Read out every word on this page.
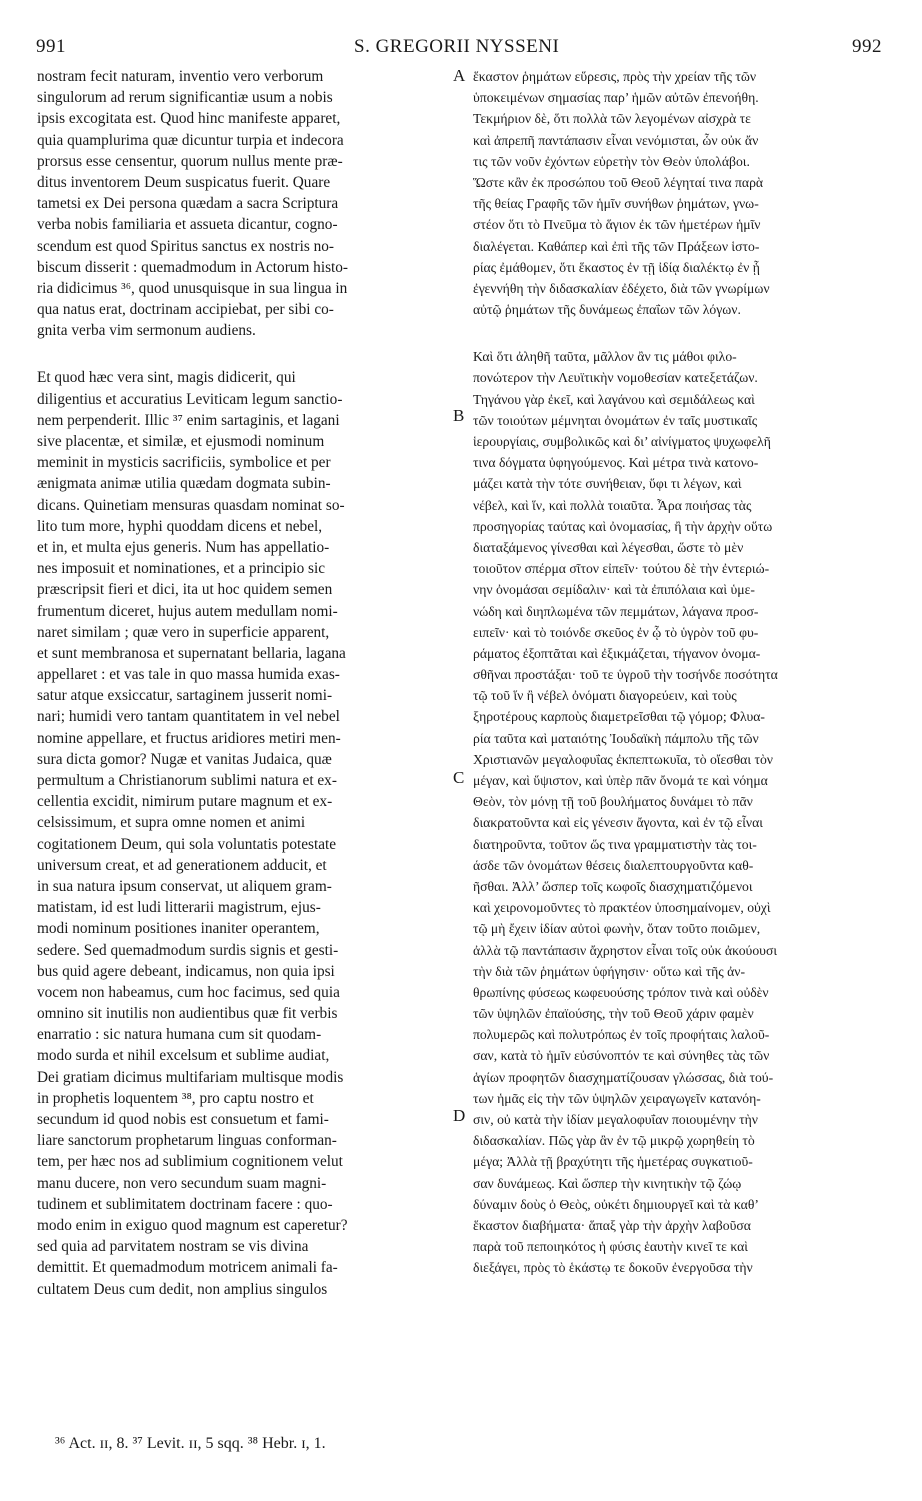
991	S. GREGORII NYSSENI	992
nostram fecit naturam, inventio vero verborum
singulorum ad rerum significantiæ usum a nobis
ipsis excogitata est. Quod hinc manifeste apparet,
quia quamplurima quæ dicuntur turpia et indecora
prorsus esse censentur, quorum nullus mente præ-
ditus inventorem Deum suspicatus fuerit. Quare
tametsi ex Dei persona quædam a sacra Scriptura
verba nobis familiaria et assueta dicantur, cogno-
scendum est quod Spiritus sanctus ex nostris no-
biscum disserit : quemadmodum in Actorum histo-
ria didicimus ³⁶, quod unusquisque in sua lingua in
qua natus erat, doctrinam accipiebat, per sibi co-
gnita verba vim sermonum audiens.
Et quod hæc vera sint, magis didicerit, qui
diligentius et accuratius Leviticam legum sanctio-
nem perpenderit. Illic ³⁷ enim sartaginis, et lagani
sive placentæ, et similæ, et ejusmodi nominum
meminit in mysticis sacrificiis, symbolice et per
ænigmata animæ utilia quædam dogmata subin-
dicans. Quinetiam mensuras quasdam nominat so-
lito tum more, hyphi quoddam dicens et nebel,
et in, et multa ejus generis. Num has appellatio-
nes imposuit et nominationes, et a principio sic
præscripsit fieri et dici, ita ut hoc quidem semen
frumentum diceret, hujus autem medullam nomi-
naret similam ; quæ vero in superficie apparent,
et sunt membranosa et supernatant bellaria, lagana
appellaret : et vas tale in quo massa humida exas-
satur atque exsiccatur, sartaginem jusserit nomi-
nari; humidi vero tantam quantitatem in vel nebel
nomine appellare, et fructus aridiores metiri men-
sura dicta gomor? Nugæ et vanitas Judaica, quæ
permultum a Christianorum sublimi natura et ex-
cellentia excidit, nimirum putare magnum et ex-
celsissimum, et supra omne nomen et animi
cogitationem Deum, qui sola voluntatis potestate
universum creat, et ad generationem adducit, et
in sua natura ipsum conservat, ut aliquem gram-
matistam, id est ludi litterarii magistrum, ejus-
modi nominum positiones inaniter operantem,
sedere. Sed quemadmodum surdis signis et gesti-
bus quid agere debeant, indicamus, non quia ipsi
vocem non habeamus, cum hoc facimus, sed quia
omnino sit inutilis non audientibus quæ fit verbis
enarratio : sic natura humana cum sit quodam-
modo surda et nihil excelsum et sublime audiat,
Dei gratiam dicimus multifariam multisque modis
in prophetis loquentem ³⁸, pro captu nostro et
secundum id quod nobis est consuetum et fami-
liare sanctorum prophetarum linguas conforman-
tem, per hæc nos ad sublimium cognitionem velut
manu ducere, non vero secundum suam magni-
tudinem et sublimitatem doctrinam facere : quo-
modo enim in exiguo quod magnum est caperetur?
sed quia ad parvitatem nostram se vis divina
demittit. Et quemadmodum motricem animali fa-
cultatem Deus cum dedit, non amplius singulos
ἕκαστον ῥημάτων εὕρεσις, πρὸς τὴν χρείαν τῆς τῶν
ὑποκειμένων σημασίας παρ’ ἡμῶν αὐτῶν ἐπενοήθη.
Τεκμήριον δὲ, ὅτι πολλὰ τῶν λεγομένων αἰσχρὰ τε
καὶ ἀπρεπῆ παντάπασιν εἶναι νενόμισται, ὧν οὐκ ἄν
τις τῶν νοῦν ἐχόντων εὑρετὴν τὸν Θεὸν ὑπολάβοι.
Ὥστε κἂν ἐκ προσώπου τοῦ Θεοῦ λέγηταί τινα παρὰ
τῆς θείας Γραφῆς τῶν ἡμῖν συνήθων ῥημάτων, γνω-
στέον ὅτι τὸ Πνεῦμα τὸ ἅγιον ἐκ τῶν ἡμετέρων ἡμῖν
διαλέγεται. Καθάπερ καὶ ἐπὶ τῆς τῶν Πράξεων ἱστο-
ρίας ἐμάθομεν, ὅτι ἕκαστος ἐν τῇ ἰδίᾳ διαλέκτῳ ἐν ᾗ
ἐγεννήθη τὴν διδασκαλίαν ἐδέχετο, διὰ τῶν γνωρίμων
αὐτῷ ῥημάτων τῆς δυνάμεως ἐπαΐων τῶν λόγων.
Καὶ ὅτι ἀληθῆ ταῦτα, μᾶλλον ἂν τις μάθοι φιλο-
πονώτερον τὴν Λευϊτικὴν νομοθεσίαν κατεξετάζων.
Τηγάνου γὰρ ἐκεῖ, καὶ λαγάνου καὶ σεμιδάλεως καὶ
τῶν τοιούτων μέμνηται ὀνομάτων ἐν ταῖς μυστικαῖς
ἱερουργίαις, συμβολικῶς καὶ δι’ αἰνίγματος ψυχωφελῆ
τινα δόγματα ὑφηγούμενος. Καὶ μέτρα τινὰ κατονο-
μάζει κατὰ τὴν τότε συνήθειαν, ὕφι τι λέγων, καὶ
νέβελ, καὶ ἵν, καὶ πολλὰ τοιαῦτα. Ἆρα ποιήσας τὰς
προσηγορίας ταύτας καὶ ὀνομασίας, ἢ τὴν ἀρχὴν οὕτω
διαταξάμενος γίνεσθαι καὶ λέγεσθαι, ὥστε τὸ μὲν
τοιοῦτον σπέρμα σῖτον εἰπεῖν· τούτου δὲ τὴν ἐντεριώ-
νην ὀνομάσαι σεμίδαλιν· καὶ τὰ ἐπιπόλαια καὶ ὑμε-
νώδη καὶ διηπλωμένα τῶν πεμμάτων, λάγανα προσ-
ειπεῖν· καὶ τὸ τοιόνδε σκεῦος ἐν ᾧ τὸ ὑγρὸν τοῦ φυ-
ράματος ἐξοπτᾶται καὶ ἐξικμάζεται, τήγανον ὀνομα-
σθῆναι προστάξαι· τοῦ τε ὑγροῦ τὴν τοσήνδε ποσότητα
τῷ τοῦ ἵν ἢ νέβελ ὀνόματι διαγορεύειν, καὶ τοὺς
ξηροτέρους καρποὺς διαμετρεῖσθαι τῷ γόμορ; Φλυα-
ρία ταῦτα καὶ ματαιότης Ἰουδαϊκὴ πάμπολυ τῆς τῶν
Χριστιανῶν μεγαλοφυΐας ἐκπεπτωκυῖα, τὸ οἴεσθαι τὸν
μέγαν, καὶ ὕψιστον, καὶ ὑπὲρ πᾶν ὄνομά τε καὶ νόημα
Θεὸν, τὸν μόνῃ τῇ τοῦ βουλήματος δυνάμει τὸ πᾶν
διακρατοῦντα καὶ εἰς γένεσιν ἄγοντα, καὶ ἐν τῷ εἶναι
διατηροῦντα, τοῦτον ὥς τινα γραμματιστὴν τὰς τοι-
άσδε τῶν ὀνομάτων θέσεις διαλεπτουργοῦντα καθ-
ῆσθαι. Ἀλλ’ ὥσπερ τοῖς κωφοῖς διασχηματιζόμενοι
καὶ χειρονομοῦντες τὸ πρακτέον ὑποσημαίνομεν, οὐχὶ
τῷ μὴ ἔχειν ἰδίαν αὐτοὶ φωνὴν, ὅταν τοῦτο ποιῶμεν,
ἀλλὰ τῷ παντάπασιν ἄχρηστον εἶναι τοῖς οὐκ ἀκούουσι
τὴν διὰ τῶν ῥημάτων ὑφήγησιν· οὕτω καὶ τῆς ἀν-
θρωπίνης φύσεως κωφευούσης τρόπον τινὰ καὶ οὐδὲν
τῶν ὑψηλῶν ἐπαϊούσης, τὴν τοῦ Θεοῦ χάριν φαμὲν
πολυμερῶς καὶ πολυτρόπως ἐν τοῖς προφήταις λαλοῦ-
σαν, κατὰ τὸ ἡμῖν εὐσύνοπτόν τε καὶ σύνηθες τὰς τῶν
ἁγίων προφητῶν διασχηματίζουσαν γλώσσας, διὰ τού-
των ἡμᾶς εἰς τὴν τῶν ὑψηλῶν χειραγωγεῖν κατανόη-
σιν, οὐ κατὰ τὴν ἰδίαν μεγαλοφυΐαν ποιουμένην τὴν
διδασκαλίαν. Πῶς γὰρ ἂν ἐν τῷ μικρῷ χωρηθείη τὸ
μέγα; Ἀλλὰ τῇ βραχύτητι τῆς ἡμετέρας συγκατιοῦ-
σαν δυνάμεως. Καὶ ὥσπερ τὴν κινητικὴν τῷ ζώῳ
δύναμιν δοὺς ὁ Θεὸς, οὐκέτι δημιουργεῖ καὶ τὰ καθ’
ἕκαστον διαβήματα· ἅπαξ γὰρ τὴν ἀρχὴν λαβοῦσα
παρὰ τοῦ πεποιηκότος ἡ φύσις ἑαυτὴν κινεῖ τε καὶ
διεξάγει, πρὸς τὸ ἑκάστῳ τε δοκοῦν ἐνεργοῦσα τὴν
A
B
C
D
³⁶ Act. ɪɪ, 8. ³⁷ Levit. ɪɪ, 5 sqq. ³⁸ Hebr. ɪ, 1.
